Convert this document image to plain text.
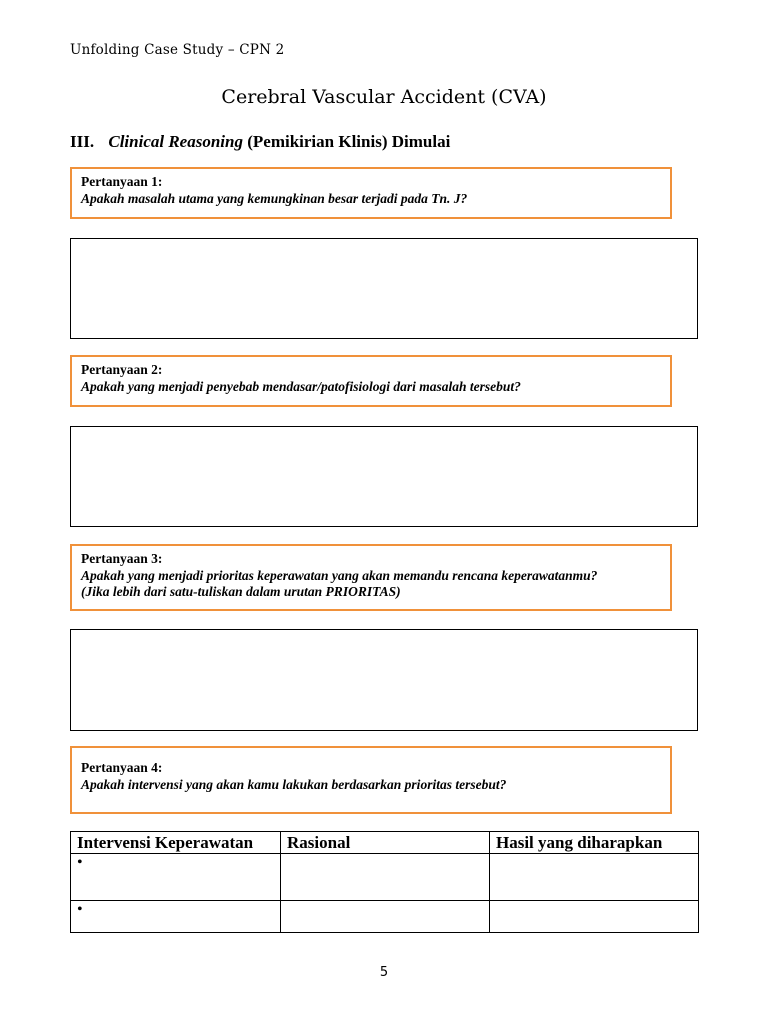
Unfolding Case Study – CPN 2
Cerebral Vascular Accident (CVA)
III. Clinical Reasoning (Pemikirian Klinis) Dimulai
Pertanyaan 1:
Apakah masalah utama yang kemungkinan besar terjadi pada Tn. J?
Pertanyaan 2:
Apakah yang menjadi penyebab mendasar/patofisiologi dari masalah tersebut?
Pertanyaan 3:
Apakah yang menjadi prioritas keperawatan yang akan memandu rencana keperawatanmu?
(Jika lebih dari satu-tuliskan dalam urutan PRIORITAS)
Pertanyaan 4:
Apakah intervensi yang akan kamu lakukan berdasarkan prioritas tersebut?
Intervensi Keperawatan	Rasional	Hasil yang diharapkan
•		
•		
5
